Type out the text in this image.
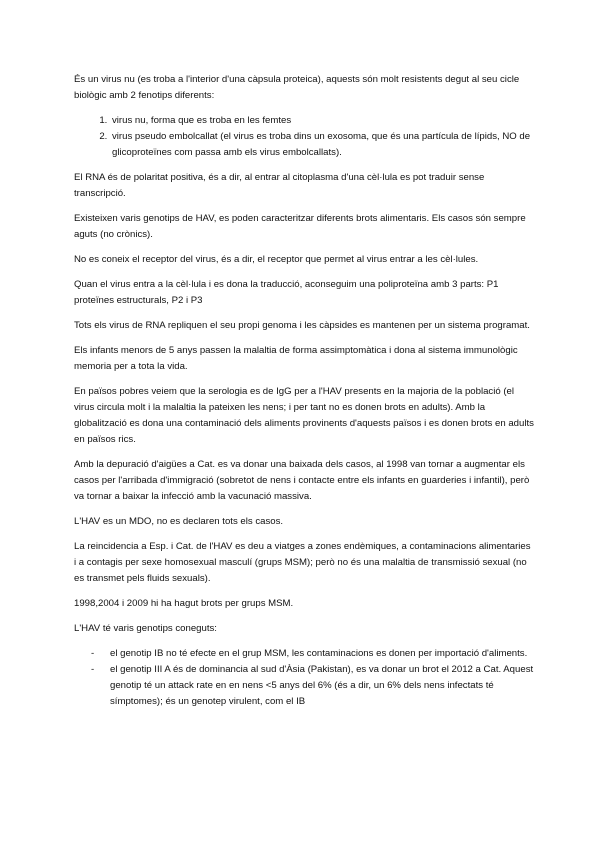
És un virus nu (es troba a l'interior d'una càpsula proteica), aquests són molt resistents degut al seu cicle biològic amb 2 fenotips diferents:

1. virus nu, forma que es troba en les femtes
2. virus pseudo embolcallat (el virus es troba dins un exosoma, que és una partícula de lípids, NO de glicoproteïnes com passa amb els virus embolcallats).

El RNA és de polaritat positiva, és a dir, al entrar al citoplasma d'una cèl·lula es pot traduir sense transcripció.

Existeixen varis genotips de HAV, es poden caracteritzar diferents brots alimentaris. Els casos són sempre aguts (no crònics).

No es coneix el receptor del virus, és a dir, el receptor que permet al virus entrar a les cèl·lules.

Quan el virus entra a la cèl·lula i es dona la traducció, aconseguim una poliproteïna amb 3 parts: P1 proteïnes estructurals, P2 i P3

Tots els virus de RNA repliquen el seu propi genoma i les càpsides es mantenen per un sistema programat.

Els infants menors de 5 anys passen la malaltia de forma assimptomàtica i dona al sistema immunològic memoria per a tota la vida.

En països pobres veiem que la serologia es de IgG per a l'HAV presents en la majoria de la població (el virus circula molt i la malaltia la pateixen les nens; i per tant no es donen brots en adults). Amb la globalització es dona una contaminació dels aliments provinents d'aquests països i es donen brots en adults en països rics.

Amb la depuració d'aigües a Cat. es va donar una baixada dels casos, al 1998 van tornar a augmentar els casos per l'arribada d'immigració (sobretot de nens i contacte entre els infants en guarderies i infantil), però va tornar a baixar la infecció amb la vacunació massiva.

L'HAV es un MDO, no es declaren tots els casos.

La reincidencia a Esp. i Cat. de l'HAV es deu a viatges a zones endèmiques, a contaminacions alimentaries i a contagis per sexe homosexual masculí (grups MSM); però no és una malaltia de transmissió sexual (no es transmet pels fluids sexuals).

1998,2004 i 2009 hi ha hagut brots per grups MSM.

L'HAV té varis genotips coneguts:

- el genotip IB no té efecte en el grup MSM, les contaminacions es donen per importació d'aliments.
- el genotip III A és de dominancia al sud d'Àsia (Pakistan), es va donar un brot el 2012 a Cat. Aquest genotip té un attack rate en en nens <5 anys del 6% (és a dir, un 6% dels nens infectats té símptomes); és un genotep virulent, com el IB
